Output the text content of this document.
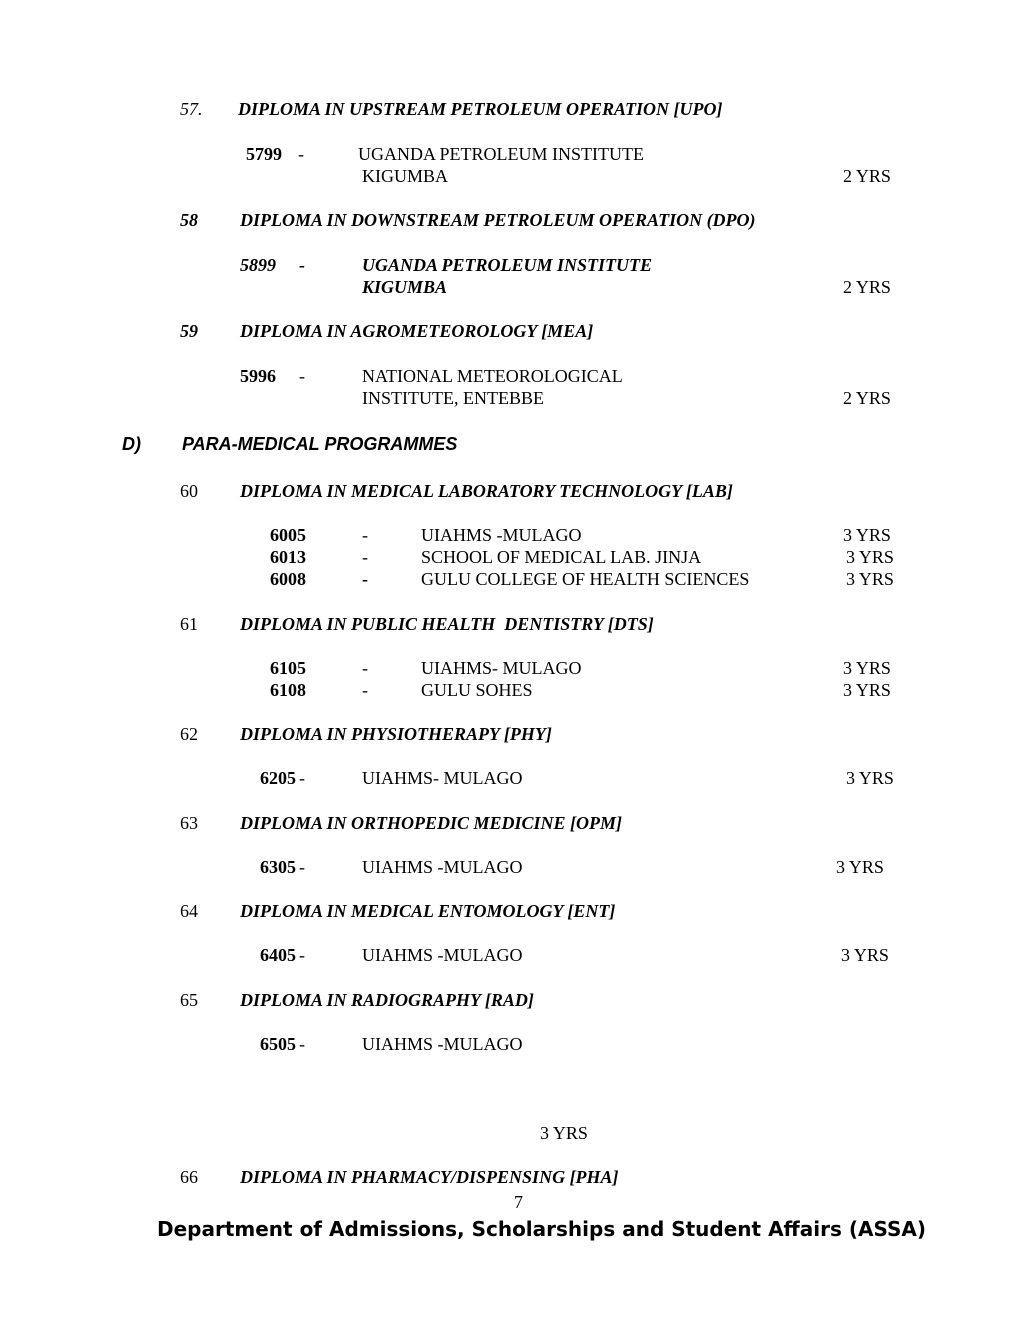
57. DIPLOMA IN UPSTREAM PETROLEUM OPERATION [UPO]
5799 -	UGANDA PETROLEUM INSTITUTE
KIGUMBA	2 YRS
58 DIPLOMA IN DOWNSTREAM PETROLEUM OPERATION (DPO)
5899 -	UGANDA PETROLEUM INSTITUTE
KIGUMBA	2 YRS
59 DIPLOMA IN AGROMETEOROLOGY [MEA]
5996 -	NATIONAL METEOROLOGICAL
INSTITUTE, ENTEBBE	2 YRS
D) PARA-MEDICAL PROGRAMMES
60 DIPLOMA IN MEDICAL LABORATORY TECHNOLOGY [LAB]
6005	-	UIAHMS -MULAGO	3 YRS
6013	-	SCHOOL OF MEDICAL LAB. JINJA	3 YRS
6008	-	GULU COLLEGE OF HEALTH SCIENCES	3 YRS
61 DIPLOMA IN PUBLIC HEALTH  DENTISTRY [DTS]
6105	-	UIAHMS- MULAGO	3 YRS
6108	-	GULU SOHES	3 YRS
62 DIPLOMA IN PHYSIOTHERAPY [PHY]
6205 -	UIAHMS- MULAGO	3 YRS
63 DIPLOMA IN ORTHOPEDIC MEDICINE [OPM]
6305 -	UIAHMS -MULAGO	3 YRS
64 DIPLOMA IN MEDICAL ENTOMOLOGY [ENT]
6405 -	UIAHMS -MULAGO	3 YRS
65 DIPLOMA IN RADIOGRAPHY [RAD]
6505 -	UIAHMS -MULAGO
3 YRS
66 DIPLOMA IN PHARMACY/DISPENSING [PHA]
7
Department of Admissions, Scholarships and Student Affairs (ASSA)
